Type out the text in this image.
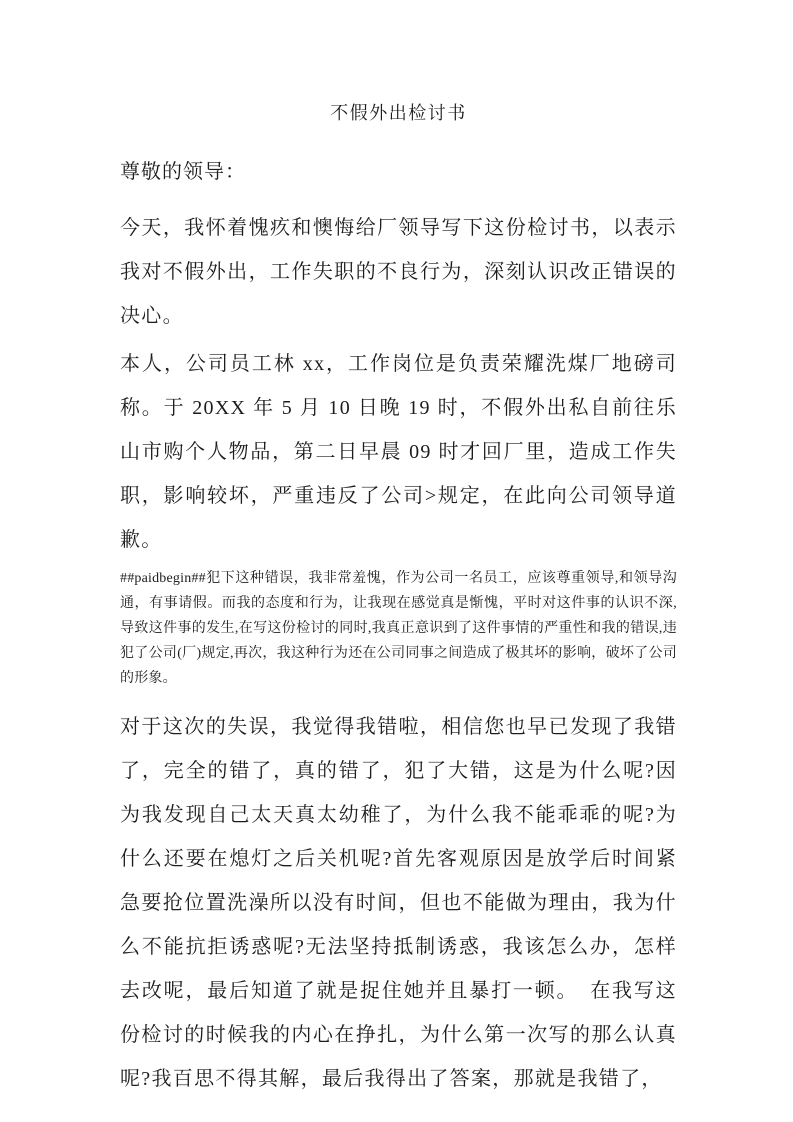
不假外出检讨书

尊敬的领导：

今天，我怀着愧疚和懊悔给厂领导写下这份检讨书，以表示我对不假外出，工作失职的不良行为，深刻认识改正错误的决心。

本人，公司员工林 xx，工作岗位是负责荣耀洗煤厂地磅司称。于 20XX 年 5 月 10 日晚 19 时，不假外出私自前往乐山市购个人物品，第二日早晨 09 时才回厂里，造成工作失职，影响较坏，严重违反了公司>规定，在此向公司领导道歉。

##paidbegin##犯下这种错误，我非常羞愧，作为公司一名员工，应该尊重领导,和领导沟通，有事请假。而我的态度和行为，让我现在感觉真是惭愧，平时对这件事的认识不深,导致这件事的发生,在写这份检讨的同时,我真正意识到了这件事情的严重性和我的错误,违犯了公司(厂)规定,再次，我这种行为还在公司同事之间造成了极其坏的影响，破坏了公司的形象。

对于这次的失误，我觉得我错啦，相信您也早已发现了我错了，完全的错了，真的错了，犯了大错，这是为什么呢?因为我发现自己太天真太幼稚了，为什么我不能乖乖的呢?为什么还要在熄灯之后关机呢?首先客观原因是放学后时间紧急要抢位置洗澡所以没有时间，但也不能做为理由，我为什么不能抗拒诱惑呢?无法坚持抵制诱惑，我该怎么办，怎样去改呢，最后知道了就是捉住她并且暴打一顿。　在我写这份检讨的时候我的内心在挣扎，为什么第一次写的那么认真呢?我百思不得其解，最后我得出了答案，那就是我错了，
